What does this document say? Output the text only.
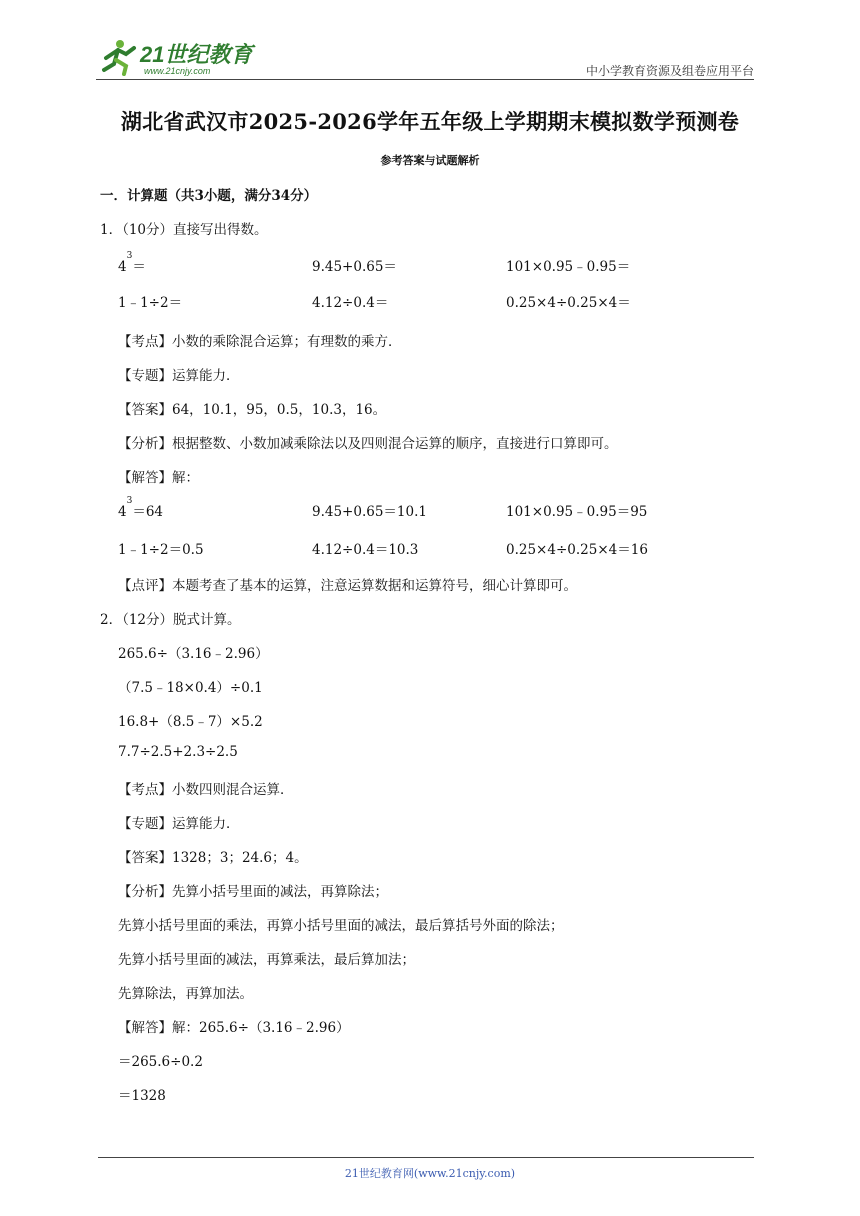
21世纪教育
www.21cnjy.com	中小学教育资源及组卷应用平台
湖北省武汉市2025-2026学年五年级上学期期末模拟数学预测卷
参考答案与试题解析
一．计算题（共3小题，满分34分）
1．（10分）直接写出得数。
$4^3=$	9.45+0.65＝	101×0.95﹣0.95＝
1﹣1÷2＝	4.12÷0.4＝	0.25×4÷0.25×4＝
【考点】小数的乘除混合运算；有理数的乘方．
【专题】运算能力．
【答案】64，10.1，95，0.5，10.3，16。
【分析】根据整数、小数加减乘除法以及四则混合运算的顺序，直接进行口算即可。
【解答】解：
$4^3=64$	9.45+0.65＝10.1	101×0.95﹣0.95＝95
1﹣1÷2＝0.5	4.12÷0.4＝10.3	0.25×4÷0.25×4＝16
【点评】本题考查了基本的运算，注意运算数据和运算符号，细心计算即可。
2．（12分）脱式计算。
265.6÷（3.16﹣2.96）
（7.5﹣18×0.4）÷0.1
16.8+（8.5﹣7）×5.2
7.7÷2.5+2.3÷2.5
【考点】小数四则混合运算．
【专题】运算能力．
【答案】1328；3；24.6；4。
【分析】先算小括号里面的减法，再算除法；
先算小括号里面的乘法，再算小括号里面的减法，最后算括号外面的除法；
先算小括号里面的减法，再算乘法，最后算加法；
先算除法，再算加法。
【解答】解：265.6÷（3.16﹣2.96）
＝265.6÷0.2
＝1328
21世纪教育网(www.21cnjy.com)
